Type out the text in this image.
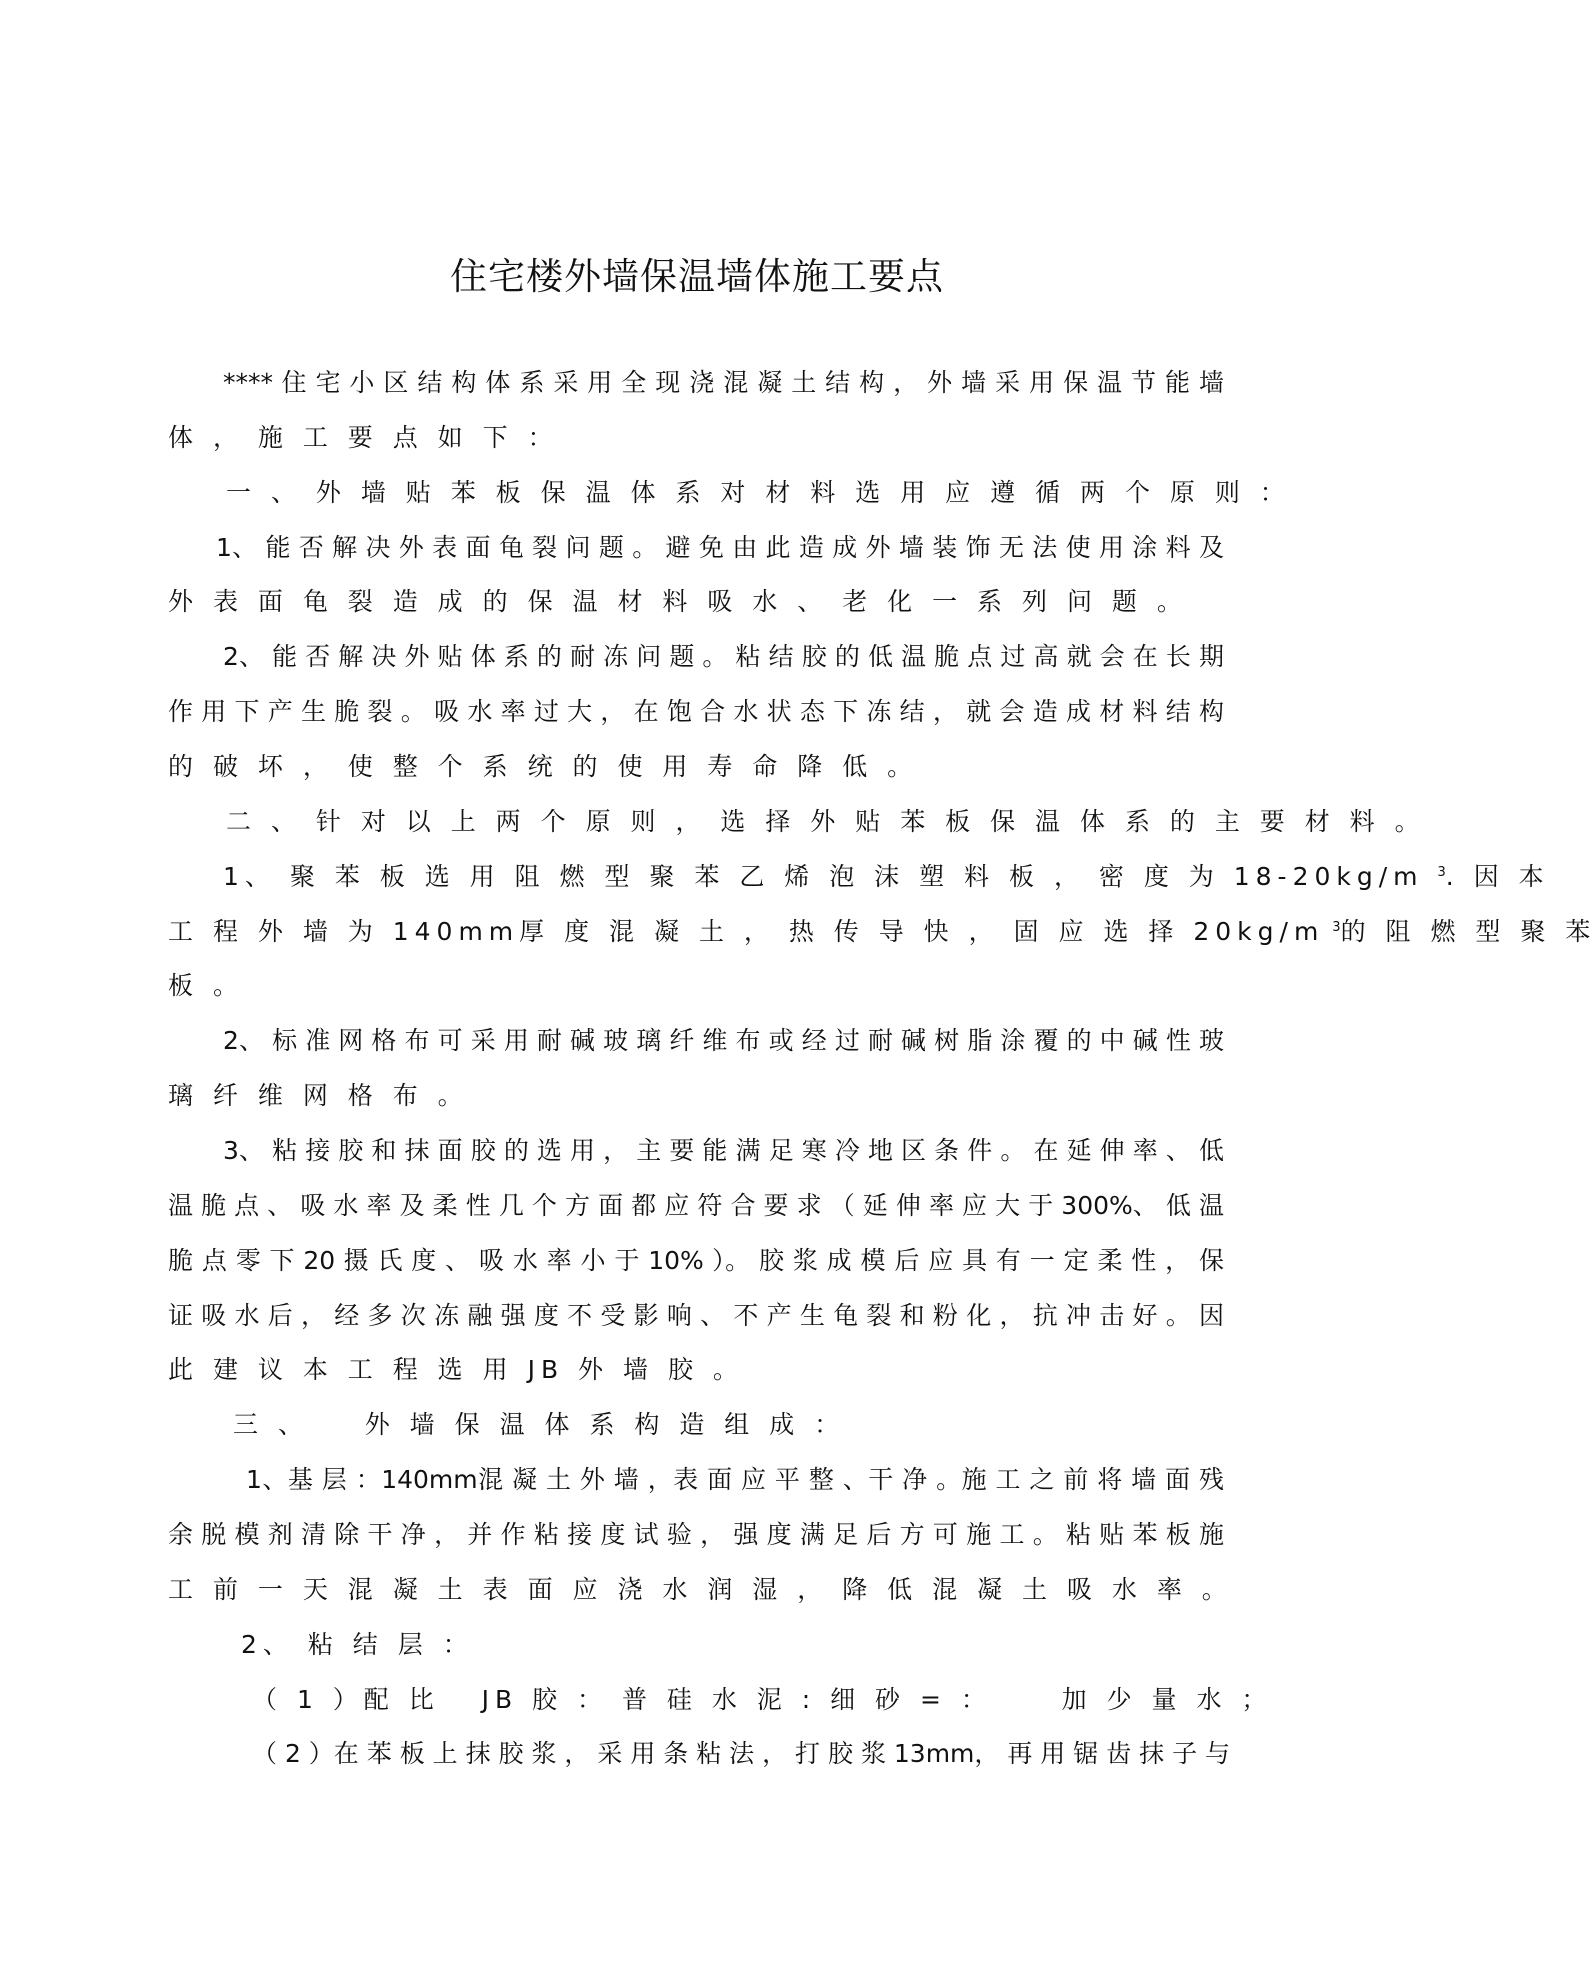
住宅楼外墙保温墙体施工要点
**** 住 宅 小 区 结 构 体 系 采 用 全 现 浇 混 凝 土 结 构 ， 外 墙 采 用 保 温 节 能 墙
体 ， 施 工 要 点 如 下 ：
一 、 外 墙 贴 苯 板 保 温 体 系 对 材 料 选 用 应 遵 循 两 个 原 则 ：
1、 能 否 解 决 外 表 面 龟 裂 问 题 。 避 免 由 此 造 成 外 墙 装 饰 无 法 使 用 涂 料 及
外 表 面 龟 裂 造 成 的 保 温 材 料 吸 水 、 老 化 一 系 列 问 题 。
2、 能 否 解 决 外 贴 体 系 的 耐 冻 问 题 。 粘 结 胶 的 低 温 脆 点 过 高 就 会 在 长 期
作 用 下 产 生 脆 裂 。 吸 水 率 过 大 ， 在 饱 合 水 状 态 下 冻 结 ， 就 会 造 成 材 料 结 构
的 破 坏 ， 使 整 个 系 统 的 使 用 寿 命 降 低 。
二 、 针 对 以 上 两 个 原 则 ， 选 择 外 贴 苯 板 保 温 体 系 的 主 要 材 料 。
1、 聚 苯 板 选 用 阻 燃 型 聚 苯 乙 烯 泡 沫 塑 料 板 ， 密 度 为 18-20kg/m $^3$. 因 本
工 程 外 墙 为 140mm厚 度 混 凝 土 ， 热 传 导 快 ， 固 应 选 择 20kg/m $^3$的 阻 燃 型 聚 苯
板 。
2、 标 准 网 格 布 可 采 用 耐 碱 玻 璃 纤 维 布 或 经 过 耐 碱 树 脂 涂 覆 的 中 碱 性 玻
璃 纤 维 网 格 布 。
3、 粘 接 胶 和 抹 面 胶 的 选 用 ， 主 要 能 满 足 寒 冷 地 区 条 件 。 在 延 伸 率 、 低
温 脆 点 、 吸 水 率 及 柔 性 几 个 方 面 都 应 符 合 要 求 （ 延 伸 率 应 大 于 300%、 低 温
脆 点 零 下 20 摄 氏 度 、 吸 水 率 小 于 10% ）。 胶 浆 成 模 后 应 具 有 一 定 柔 性 ， 保
证 吸 水 后 ， 经 多 次 冻 融 强 度 不 受 影 响 、 不 产 生 龟 裂 和 粉 化 ， 抗 冲 击 好 。 因
此 建 议 本 工 程 选 用 JB 外 墙 胶 。
三 、    外 墙 保 温 体 系 构 造 组 成 ：
1、基 层 ：140mm混 凝 土 外 墙 ，表 面 应 平 整 、干 净 。施 工 之 前 将 墙 面 残
余 脱 模 剂 清 除 干 净 ， 并 作 粘 接 度 试 验 ， 强 度 满 足 后 方 可 施 工 。 粘 贴 苯 板 施
工 前 一 天 混 凝 土 表 面 应 浇 水 润 湿 ， 降 低 混 凝 土 吸 水 率 。
2、 粘 结 层 ：
（ 1 ）配 比   JB 胶 ： 普 硅 水 泥 : 细 砂 = ：     加 少 量 水 ；
（ 2 ）在 苯 板 上 抹 胶 浆 ， 采 用 条 粘 法 ， 打 胶 浆 13mm， 再 用 锯 齿 抹 子 与
